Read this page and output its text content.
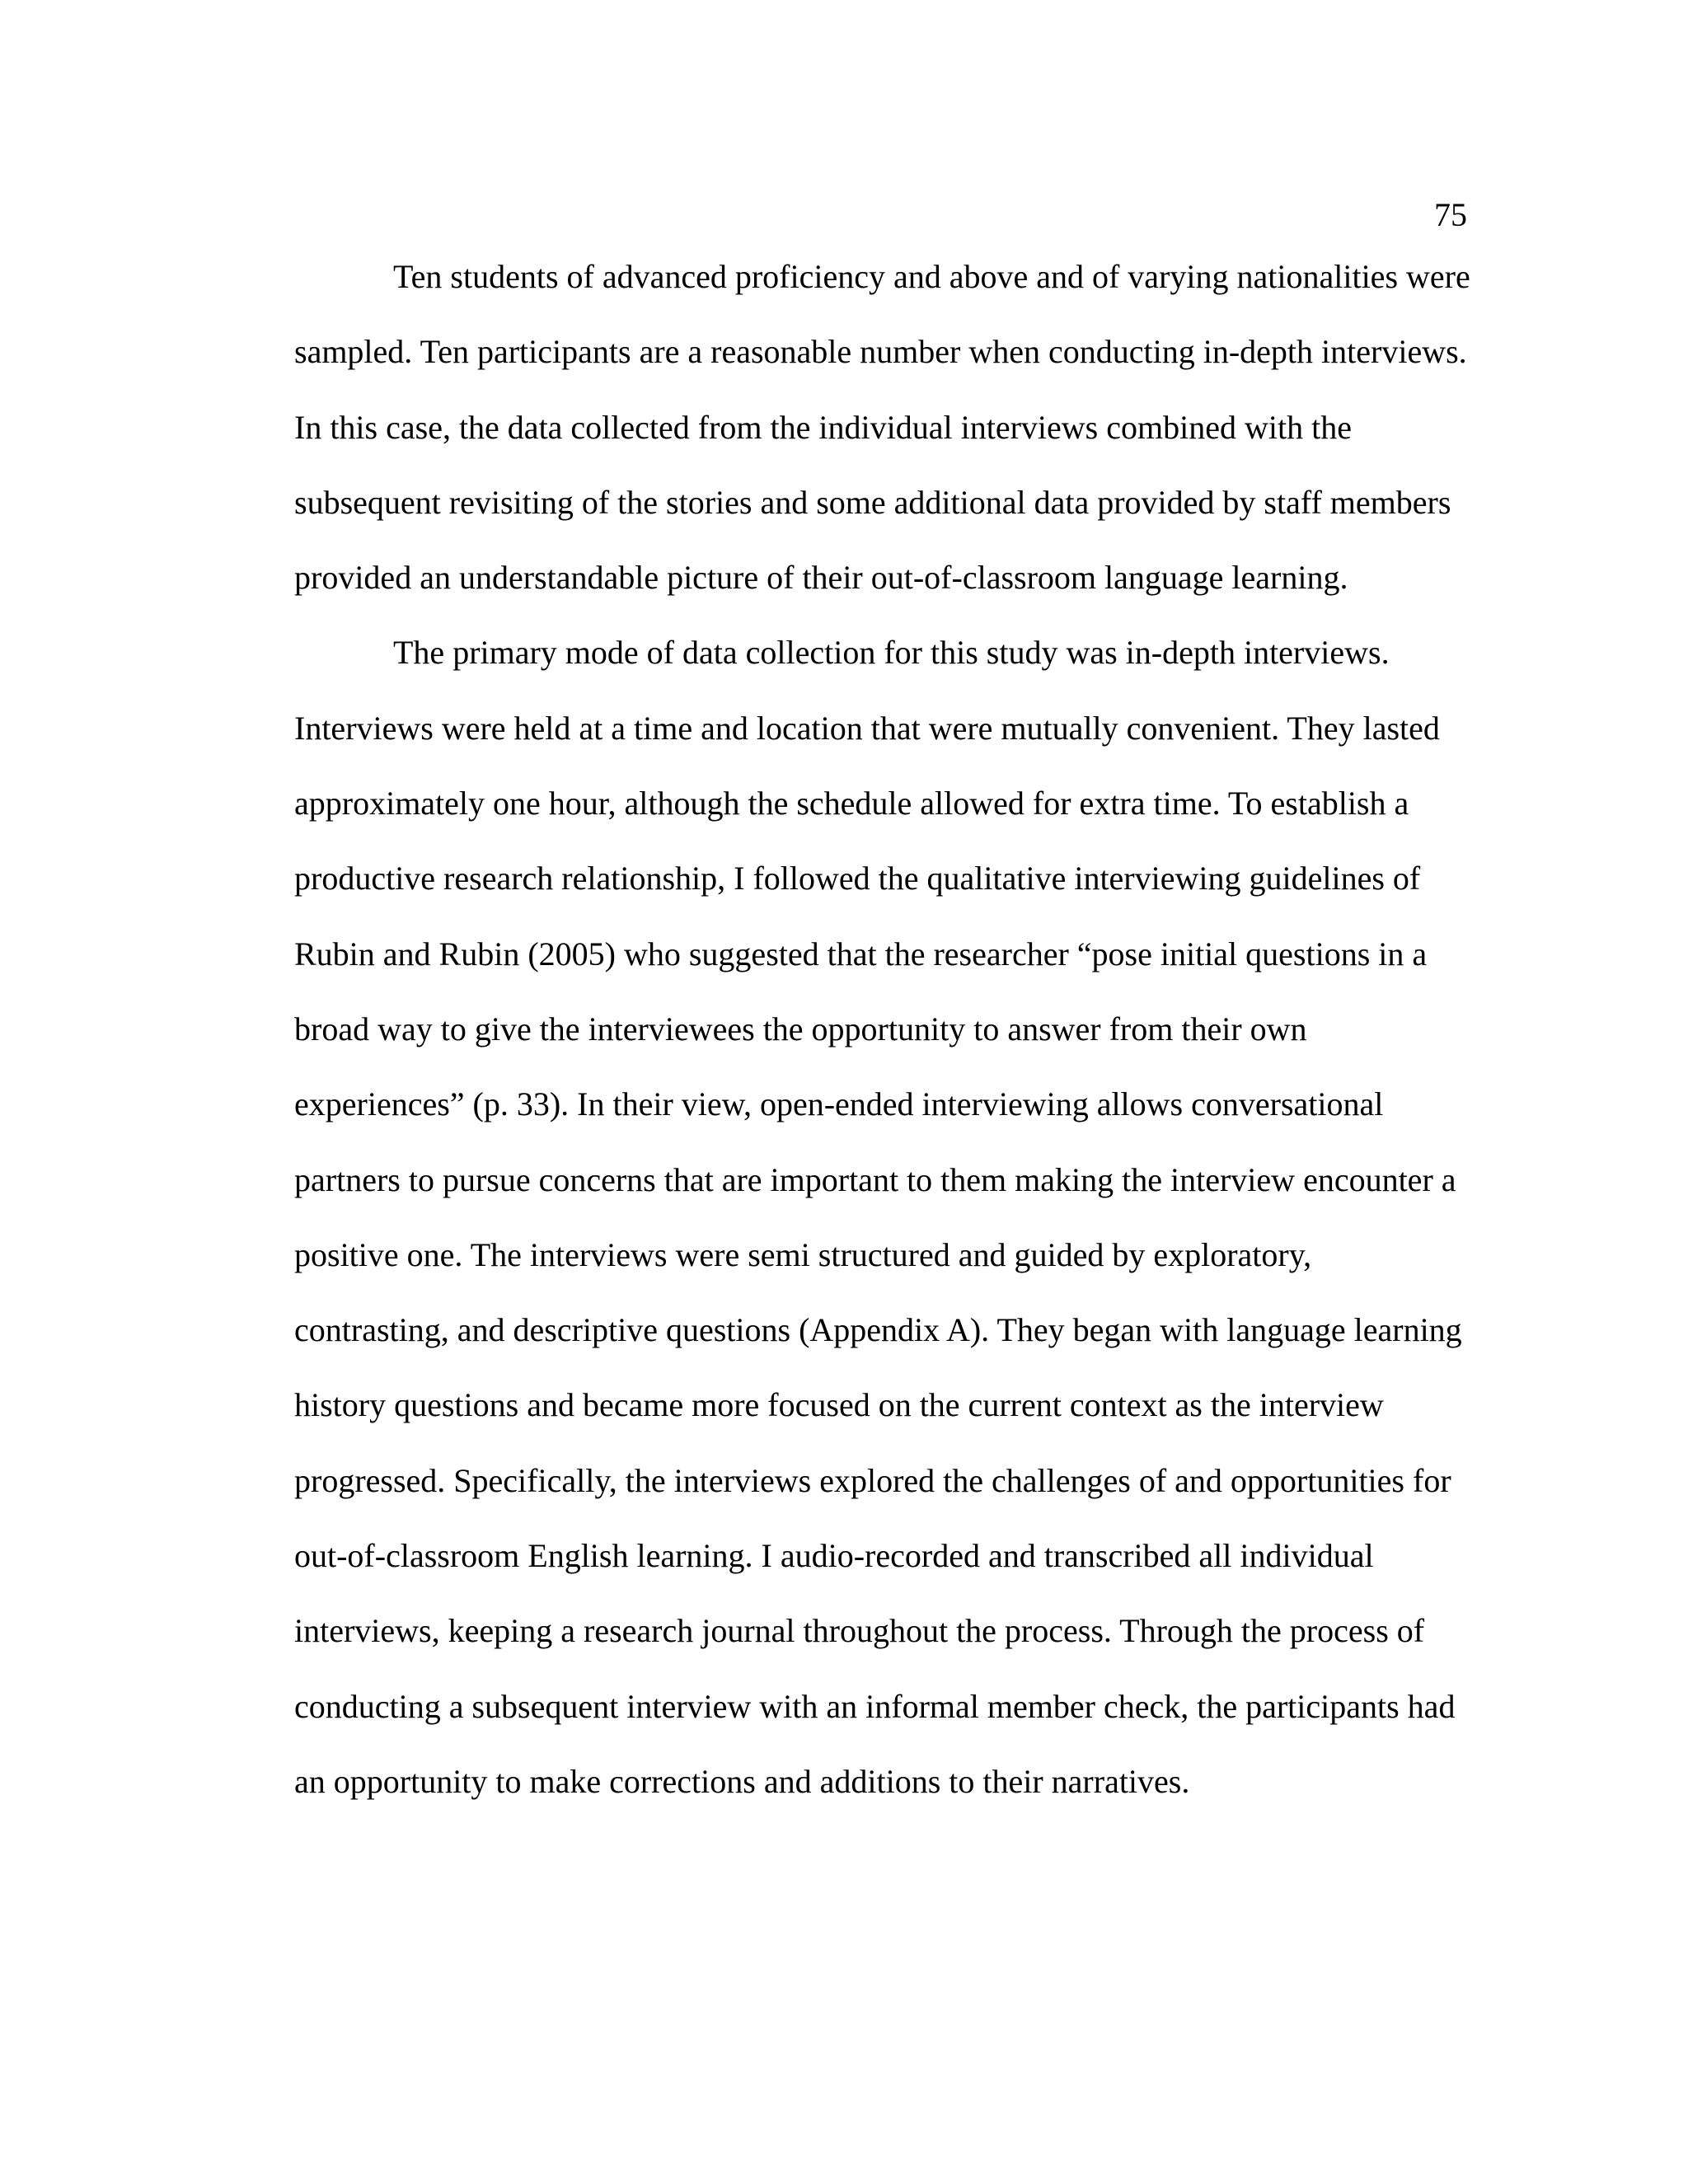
75
Ten students of advanced proficiency and above and of varying nationalities were
sampled. Ten participants are a reasonable number when conducting in-depth interviews.
In this case, the data collected from the individual interviews combined with the
subsequent revisiting of the stories and some additional data provided by staff members
provided an understandable picture of their out-of-classroom language learning.
The primary mode of data collection for this study was in-depth interviews.
Interviews were held at a time and location that were mutually convenient. They lasted
approximately one hour, although the schedule allowed for extra time. To establish a
productive research relationship, I followed the qualitative interviewing guidelines of
Rubin and Rubin (2005) who suggested that the researcher “pose initial questions in a
broad way to give the interviewees the opportunity to answer from their own
experiences” (p. 33). In their view, open-ended interviewing allows conversational
partners to pursue concerns that are important to them making the interview encounter a
positive one. The interviews were semi structured and guided by exploratory,
contrasting, and descriptive questions (Appendix A). They began with language learning
history questions and became more focused on the current context as the interview
progressed. Specifically, the interviews explored the challenges of and opportunities for
out-of-classroom English learning. I audio-recorded and transcribed all individual
interviews, keeping a research journal throughout the process. Through the process of
conducting a subsequent interview with an informal member check, the participants had
an opportunity to make corrections and additions to their narratives.
